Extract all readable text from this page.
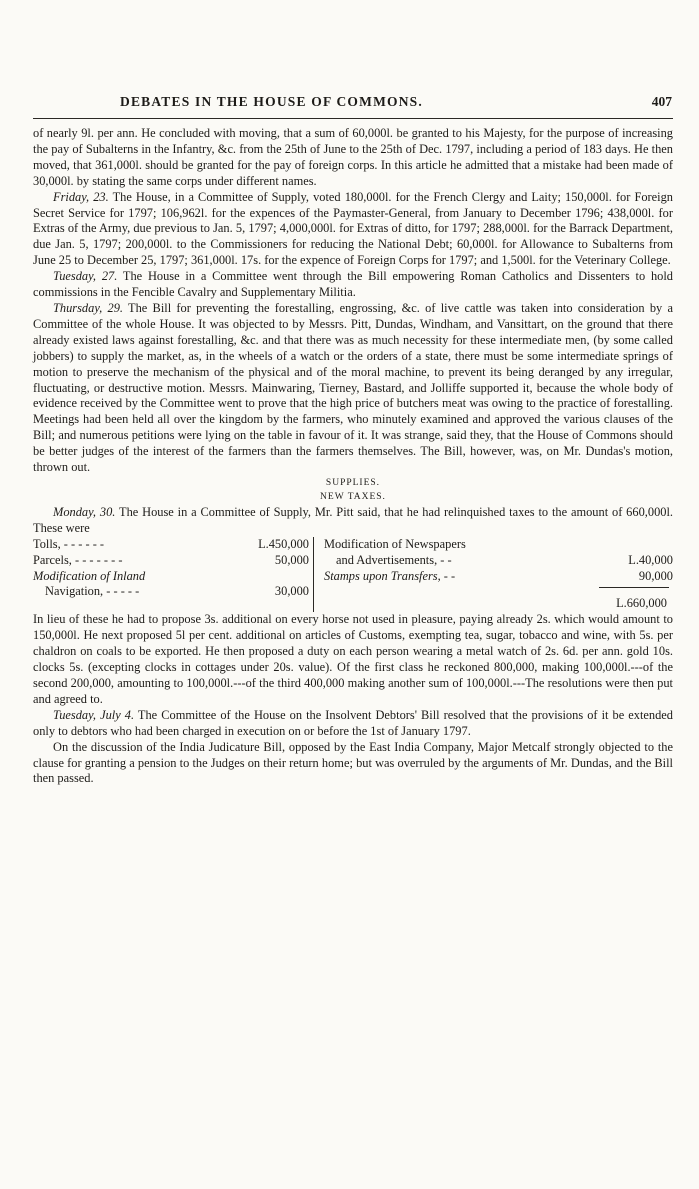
DEBATES IN THE HOUSE OF COMMONS.	407

of nearly 9l. per ann. He concluded with moving, that a sum of 60,000l. be granted to his Majesty, for the purpose of increasing the pay of Subalterns in the Infantry, &c. from the 25th of June to the 25th of Dec. 1797, including a period of 183 days. He then moved, that 361,000l. should be granted for the pay of foreign corps. In this article he admitted that a mistake had been made of 30,000l. by stating the same corps under different names.

Friday, 23. The House, in a Committee of Supply, voted 180,000l. for the French Clergy and Laity; 150,000l. for Foreign Secret Service for 1797; 106,962l. for the expences of the Paymaster-General, from January to December 1796; 438,000l. for Extras of the Army, due previous to Jan. 5, 1797; 4,000,000l. for Extras of ditto, for 1797; 288,000l. for the Barrack Department, due Jan. 5, 1797; 200,000l. to the Commissioners for reducing the National Debt; 60,000l. for Allowance to Subalterns from June 25 to December 25, 1797; 361,000l. 17s. for the expence of Foreign Corps for 1797; and 1,500l. for the Veterinary College.

Tuesday, 27. The House in a Committee went through the Bill empowering Roman Catholics and Dissenters to hold commissions in the Fencible Cavalry and Supplementary Militia.

Thursday, 29. The Bill for preventing the forestalling, engrossing, &c. of live cattle was taken into consideration by a Committee of the whole House. It was objected to by Messrs. Pitt, Dundas, Windham, and Vansittart, on the ground that there already existed laws against forestalling, &c. and that there was as much necessity for these intermediate men, (by some called jobbers) to supply the market, as, in the wheels of a watch or the orders of a state, there must be some intermediate springs of motion to preserve the mechanism of the physical and of the moral machine, to prevent its being deranged by any irregular, fluctuating, or destructive motion. Messrs. Mainwaring, Tierney, Bastard, and Jolliffe supported it, because the whole body of evidence received by the Committee went to prove that the high price of butchers meat was owing to the practice of forestalling. Meetings had been held all over the kingdom by the farmers, who minutely examined and approved the various clauses of the Bill; and numerous petitions were lying on the table in favour of it. It was strange, said they, that the House of Commons should be better judges of the interest of the farmers than the farmers themselves. The Bill, however, was, on Mr. Dundas's motion, thrown out.

SUPPLIES.
NEW TAXES.

Monday, 30. The House in a Committee of Supply, Mr. Pitt said, that he had relinquished taxes to the amount of 660,000l. These were

Tolls, - - - - - -	L.450,000
Parcels, - - - - - - -	50,000
Modification of Inland
Navigation, - - - - -	30,000
Modification of Newspapers
and Advertisements, - -	L.40,000
Stamps upon Transfers, - -	90,000
L.660,000

In lieu of these he had to propose 3s. additional on every horse not used in pleasure, paying already 2s. which would amount to 150,000l. He next proposed 5l per cent. additional on articles of Customs, exempting tea, sugar, tobacco and wine, with 5s. per chaldron on coals to be exported. He then proposed a duty on each person wearing a metal watch of 2s. 6d. per ann. gold 10s. clocks 5s. (excepting clocks in cottages under 20s. value). Of the first class he reckoned 800,000, making 100,000l.---of the second 200,000, amounting to 100,000l.---of the third 400,000 making another sum of 100,000l.---The resolutions were then put and agreed to.

Tuesday, July 4. The Committee of the House on the Insolvent Debtors' Bill resolved that the provisions of it be extended only to debtors who had been charged in execution on or before the 1st of January 1797.

On the discussion of the India Judicature Bill, opposed by the East India Company, Major Metcalf strongly objected to the clause for granting a pension to the Judges on their return home; but was overruled by the arguments of Mr. Dundas, and the Bill then passed.
